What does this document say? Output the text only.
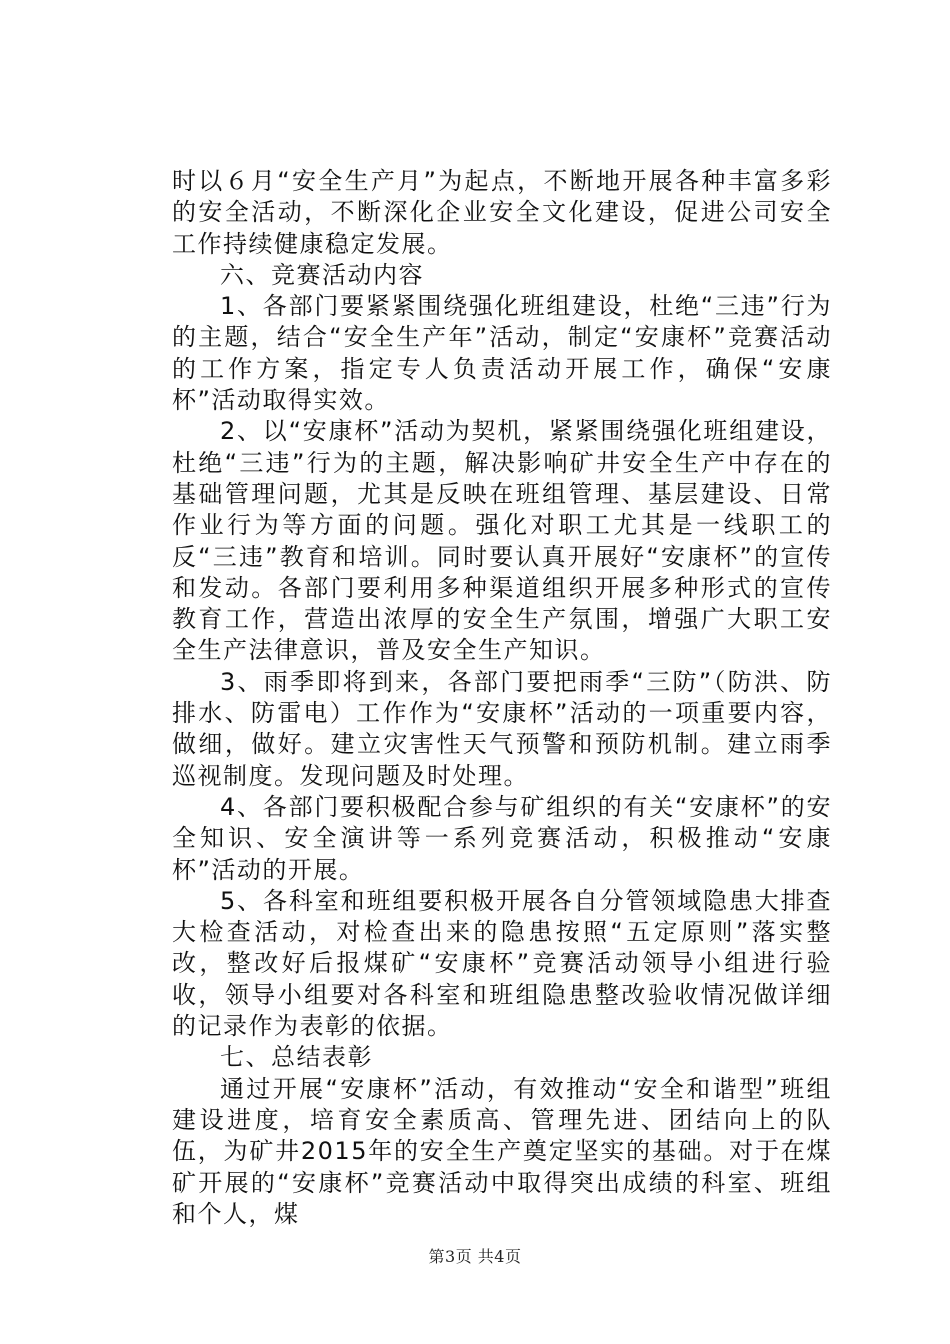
时以６月“安全生产月”为起点，不断地开展各种丰富多彩的安全活动，不断深化企业安全文化建设，促进公司安全工作持续健康稳定发展。

六、竞赛活动内容

1、各部门要紧紧围绕强化班组建设，杜绝“三违”行为的主题，结合“安全生产年”活动，制定“安康杯”竞赛活动的工作方案，指定专人负责活动开展工作，确保“安康杯”活动取得实效。

2、以“安康杯”活动为契机，紧紧围绕强化班组建设，杜绝“三违”行为的主题，解决影响矿井安全生产中存在的基础管理问题，尤其是反映在班组管理、基层建设、日常作业行为等方面的问题。强化对职工尤其是一线职工的反“三违”教育和培训。同时要认真开展好“安康杯”的宣传和发动。各部门要利用多种渠道组织开展多种形式的宣传教育工作，营造出浓厚的安全生产氛围，增强广大职工安全生产法律意识，普及安全生产知识。

3、雨季即将到来，各部门要把雨季“三防”（防洪、防排水、防雷电）工作作为“安康杯”活动的一项重要内容，做细，做好。建立灾害性天气预警和预防机制。建立雨季巡视制度。发现问题及时处理。

4、各部门要积极配合参与矿组织的有关“安康杯”的安全知识、安全演讲等一系列竞赛活动，积极推动“安康杯”活动的开展。

5、各科室和班组要积极开展各自分管领域隐患大排查大检查活动，对检查出来的隐患按照“五定原则”落实整改，整改好后报煤矿“安康杯”竞赛活动领导小组进行验收，领导小组要对各科室和班组隐患整改验收情况做详细的记录作为表彰的依据。

七、总结表彰

通过开展“安康杯”活动，有效推动“安全和谐型”班组建设进度，培育安全素质高、管理先进、团结向上的队伍，为矿井2015年的安全生产奠定坚实的基础。对于在煤矿开展的“安康杯”竞赛活动中取得突出成绩的科室、班组和个人，煤

第3页 共4页
